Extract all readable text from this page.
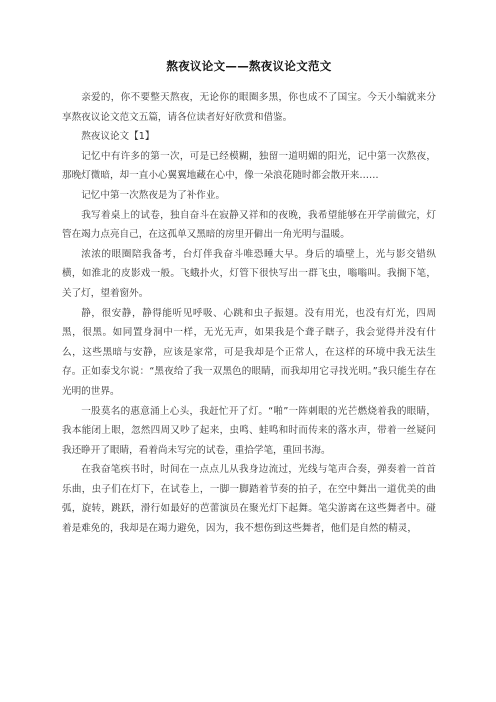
熬夜议论文——熬夜议论文范文

亲爱的，你不要整天熬夜，无论你的眼圈多黑，你也成不了国宝。今天小编就来分享熬夜议论文范文五篇，请各位读者好好欣赏和借鉴。

熬夜议论文【1】

记忆中有许多的第一次，可是已经模糊，独留一道明媚的阳光，记中第一次熬夜，那晚灯微暗，却一直小心翼翼地藏在心中，像一朵浪花随时都会散开来……

记忆中第一次熬夜是为了补作业。

我写着桌上的试卷，独自奋斗在寂静又祥和的夜晚，我希望能够在开学前做完，灯管在竭力点亮自己，在这孤单又黑暗的房里开僻出一角光明与温暖。

浓浓的眼圈陪我备考，台灯伴我奋斗唯恐睡大早。身后的墙壁上，光与影交错纵横，如淮北的皮影戏一般。飞蛾扑火，灯管下很快写出一群飞虫，嗡嗡叫。我搁下笔，关了灯，望着窗外。

静，很安静，静得能听见呼吸、心跳和虫子振翅。没有用光，也没有灯光，四周黑，很黑。如同置身洞中一样，无光无声，如果我是个聋子瞎子，我会觉得并没有什么，这些黑暗与安静，应该是家常，可是我却是个正常人，在这样的环境中我无法生存。正如泰戈尔说：“黑夜给了我一双黑色的眼睛，而我却用它寻找光明。”我只能生存在光明的世界。

一股莫名的惠意涌上心头，我赶忙开了灯。“啪”一阵刺眼的光芒燃烧着我的眼睛，我本能闭上眼，忽然四周又吵了起来，虫鸣、蛙鸣和时而传来的落水声，带着一丝疑问我还睁开了眼睛，看着尚未写完的试卷，重拾学笔，重回书海。

在我奋笔疾书时，时间在一点点儿从我身边流过，光线与笔声合奏，弹奏着一首首乐曲，虫子们在灯下，在试卷上，一脚一脚踏着节奏的拍子，在空中舞出一道优美的曲弧，旋转，跳跃，滑行如最好的芭蕾演员在聚光灯下起舞。笔尖游离在这些舞者中。碰着是难免的，我却是在竭力避免，因为，我不想伤到这些舞者，他们是自然的精灵，
